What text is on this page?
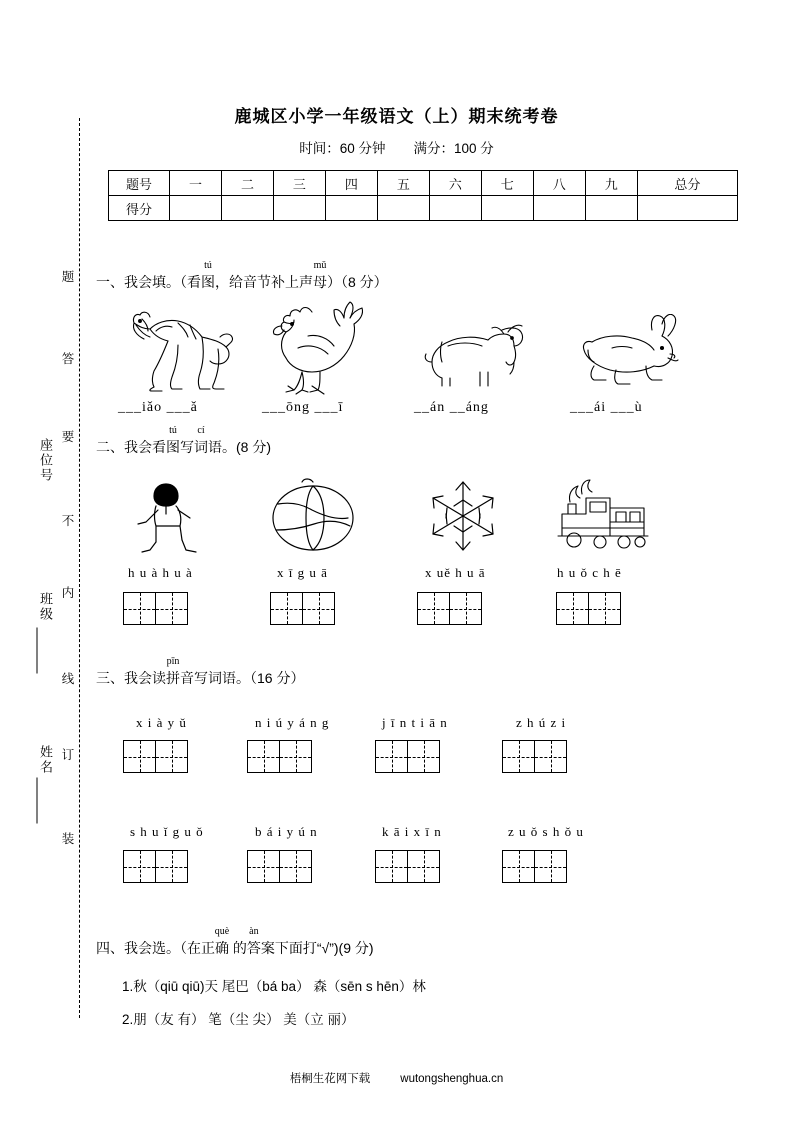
题
答
要
座位号
不
内
班级
线
姓名 订
装
鹿城区小学一年级语文（上）期末统考卷
时间：60 分钟 满分：100 分
题号	一	二	三	四	五	六	七	八	九	总分
得分										
一、我会填。（看
tú
图，给音节补上声
mǔ
母）（8 分）
___iǎo ___ǎ	___ōng ___ī	__án __áng	___ái ___ù
二、我会看
tú
图写
cí
词语。(8 分)
h u à h u à	x ī g u ā	x uě h u ā	h u ǒ c h ē
三、我会读
pīn
拼音写词语。（16 分）
x i à y ǔ	n i ú y á n g	j ī n t i ā n	z h ú z i
s h u ǐ g u ǒ	b á i y ú n	k ā i x ī n	z u ǒ s h ǒ u
四、我会选。（在正
què
确 的
àn
答案下面打“√”)(9 分)
1.秋（qiū qiū)天 尾巴（bá ba） 森（sēn s hēn）林
2.朋（友 有） 笔（尘 尖） 美（立 丽）
梧桐生花网下载	wutongshenghua.cn
